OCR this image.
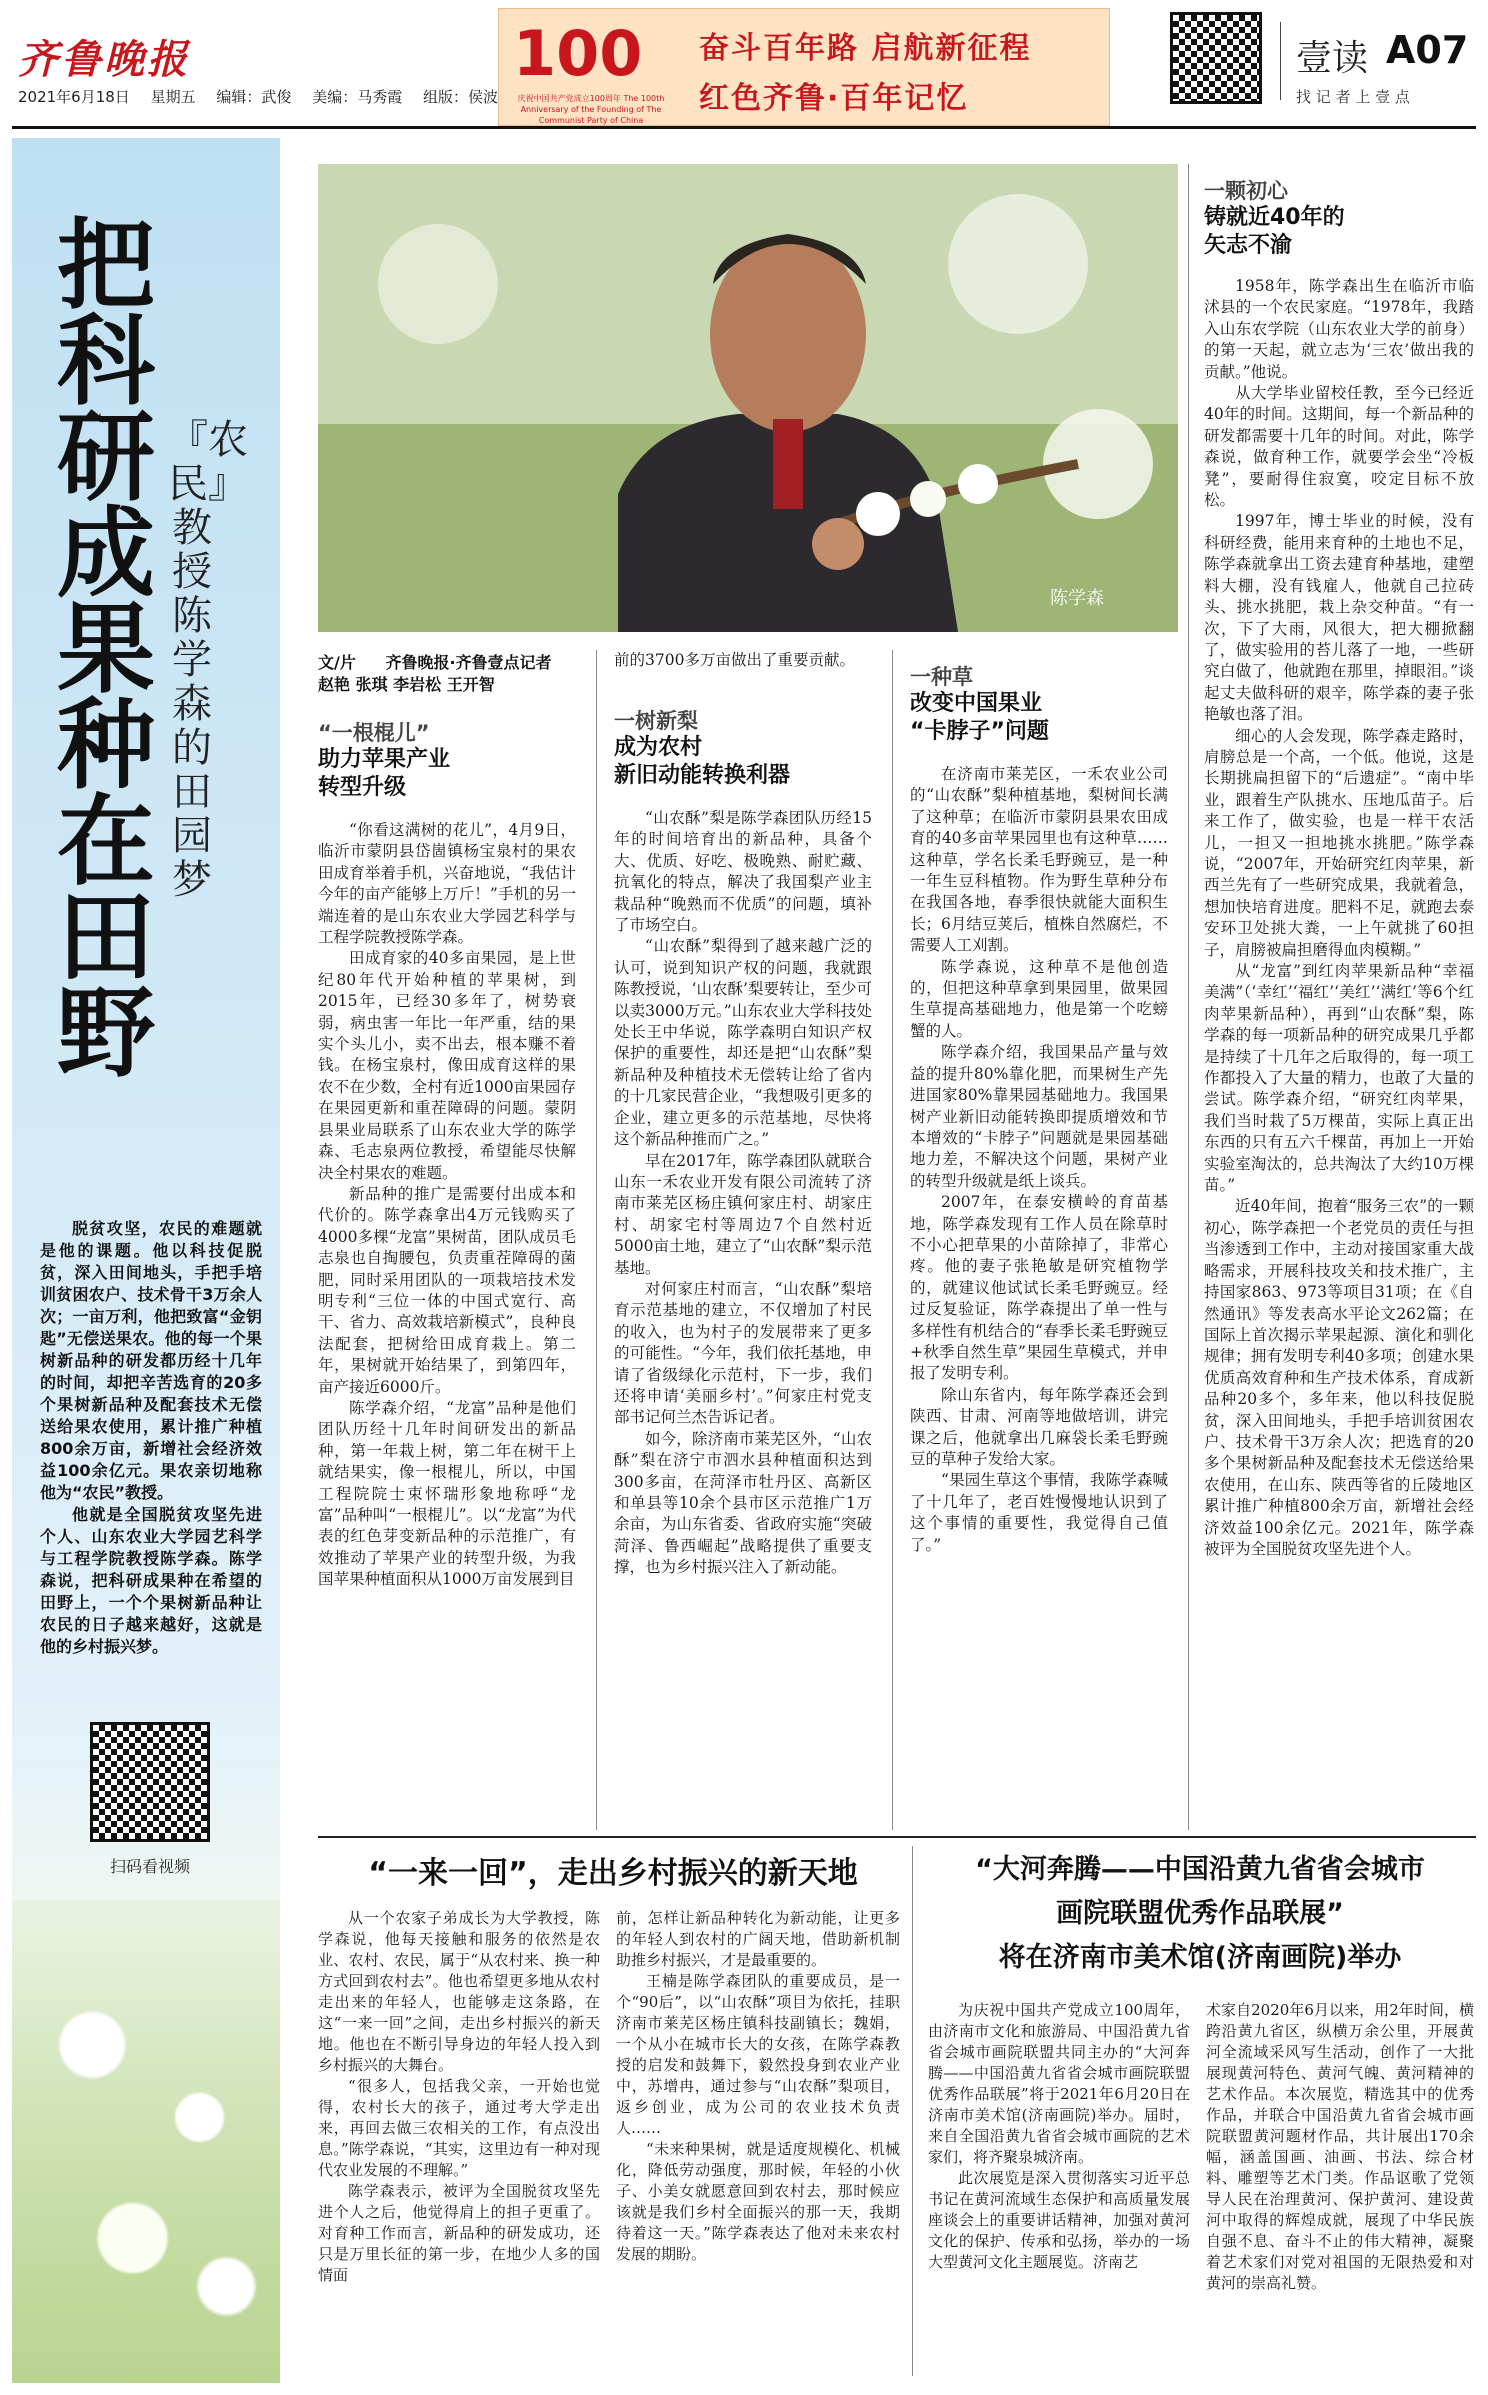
齐鲁晚报
2021年6月18日 星期五 编辑：武俊 美编：马秀霞 组版：侯波
100
庆祝中国共产党成立100周年 The 100th Anniversary of the Founding of The Communist Party of China
奋斗百年路 启航新征程
红色齐鲁·百年记忆
壹读 A07
找 记 者 上 壹 点
把科研成果种在田野
『农民』教授陈学森的田园梦

脱贫攻坚，农民的难题就是他的课题。他以科技促脱贫，深入田间地头，手把手培训贫困农户、技术骨干3万余人次；一亩万利，他把致富“金钥匙”无偿送果农。他的每一个果树新品种的研发都历经十几年的时间，却把辛苦选育的20多个果树新品种及配套技术无偿送给果农使用，累计推广种植800余万亩，新增社会经济效益100余亿元。果农亲切地称他为“农民”教授。

他就是全国脱贫攻坚先进个人、山东农业大学园艺科学与工程学院教授陈学森。陈学森说，把科研成果种在希望的田野上，一个个果树新品种让农民的日子越来越好，这就是他的乡村振兴梦。

扫码看视频
陈学森
文/片 齐鲁晚报·齐鲁壹点记者
赵艳 张琪 李岩松 王开智
“一根棍儿”
助力苹果产业
转型升级

“你看这满树的花儿”，4月9日，临沂市蒙阴县岱崮镇杨宝泉村的果农田成育举着手机，兴奋地说，“我估计今年的亩产能够上万斤！”手机的另一端连着的是山东农业大学园艺科学与工程学院教授陈学森。

田成育家的40多亩果园，是上世纪80年代开始种植的苹果树，到2015年，已经30多年了，树势衰弱，病虫害一年比一年严重，结的果实个头儿小，卖不出去，根本赚不着钱。在杨宝泉村，像田成育这样的果农不在少数，全村有近1000亩果园存在果园更新和重茬障碍的问题。蒙阴县果业局联系了山东农业大学的陈学森、毛志泉两位教授，希望能尽快解决全村果农的难题。

新品种的推广是需要付出成本和代价的。陈学森拿出4万元钱购买了4000多棵“龙富”果树苗，团队成员毛志泉也自掏腰包，负责重茬障碍的菌肥，同时采用团队的一项栽培技术发明专利“三位一体的中国式宽行、高干、省力、高效栽培新模式”，良种良法配套，把树给田成育栽上。第二年，果树就开始结果了，到第四年，亩产接近6000斤。

陈学森介绍，“龙富”品种是他们团队历经十几年时间研发出的新品种，第一年栽上树，第二年在树干上就结果实，像一根棍儿，所以，中国工程院院士束怀瑞形象地称呼“龙富”品种叫“一根棍儿”。以“龙富”为代表的红色芽变新品种的示范推广，有效推动了苹果产业的转型升级，为我国苹果种植面积从1000万亩发展到目

前的3700多万亩做出了重要贡献。
一树新梨
成为农村
新旧动能转换利器

“山农酥”梨是陈学森团队历经15年的时间培育出的新品种，具备个大、优质、好吃、极晚熟、耐贮藏、抗氧化的特点，解决了我国梨产业主栽品种“晚熟而不优质”的问题，填补了市场空白。

“山农酥”梨得到了越来越广泛的认可，说到知识产权的问题，我就跟陈教授说，‘山农酥’梨要转让，至少可以卖3000万元。”山东农业大学科技处处长王中华说，陈学森明白知识产权保护的重要性，却还是把“山农酥”梨新品种及种植技术无偿转让给了省内的十几家民营企业，“我想吸引更多的企业，建立更多的示范基地，尽快将这个新品种推而广之。”

早在2017年，陈学森团队就联合山东一禾农业开发有限公司流转了济南市莱芜区杨庄镇何家庄村、胡家庄村、胡家宅村等周边7个自然村近5000亩土地，建立了“山农酥”梨示范基地。

对何家庄村而言，“山农酥”梨培育示范基地的建立，不仅增加了村民的收入，也为村子的发展带来了更多的可能性。“今年，我们依托基地，申请了省级绿化示范村，下一步，我们还将申请‘美丽乡村’。”何家庄村党支部书记何兰杰告诉记者。

如今，除济南市莱芜区外，“山农酥”梨在济宁市泗水县种植面积达到300多亩，在菏泽市牡丹区、高新区和单县等10余个县市区示范推广1万余亩，为山东省委、省政府实施“突破菏泽、鲁西崛起”战略提供了重要支撑，也为乡村振兴注入了新动能。

一种草
改变中国果业
“卡脖子”问题

在济南市莱芜区，一禾农业公司的“山农酥”梨种植基地，梨树间长满了这种草；在临沂市蒙阴县果农田成育的40多亩苹果园里也有这种草……这种草，学名长柔毛野豌豆，是一种一年生豆科植物。作为野生草种分布在我国各地，春季很快就能大面积生长；6月结豆荚后，植株自然腐烂，不需要人工刈割。

陈学森说，这种草不是他创造的，但把这种草拿到果园里，做果园生草提高基础地力，他是第一个吃螃蟹的人。

陈学森介绍，我国果品产量与效益的提升80%靠化肥，而果树生产先进国家80%靠果园基础地力。我国果树产业新旧动能转换即提质增效和节本增效的“卡脖子”问题就是果园基础地力差，不解决这个问题，果树产业的转型升级就是纸上谈兵。

2007年，在泰安横岭的育苗基地，陈学森发现有工作人员在除草时不小心把草果的小苗除掉了，非常心疼。他的妻子张艳敏是研究植物学的，就建议他试试长柔毛野豌豆。经过反复验证，陈学森提出了单一性与多样性有机结合的“春季长柔毛野豌豆+秋季自然生草”果园生草模式，并申报了发明专利。

除山东省内，每年陈学森还会到陕西、甘肃、河南等地做培训，讲完课之后，他就拿出几麻袋长柔毛野豌豆的草种子发给大家。

“果园生草这个事情，我陈学森喊了十几年了，老百姓慢慢地认识到了这个事情的重要性，我觉得自己值了。”

一颗初心
铸就近40年的
矢志不渝

1958年，陈学森出生在临沂市临沭县的一个农民家庭。“1978年，我踏入山东农学院（山东农业大学的前身）的第一天起，就立志为‘三农’做出我的贡献。”他说。

从大学毕业留校任教，至今已经近40年的时间。这期间，每一个新品种的研发都需要十几年的时间。对此，陈学森说，做育种工作，就要学会坐“冷板凳”，要耐得住寂寞，咬定目标不放松。

1997年，博士毕业的时候，没有科研经费，能用来育种的土地也不足，陈学森就拿出工资去建育种基地，建塑料大棚，没有钱雇人，他就自己拉砖头、挑水挑肥，栽上杂交种苗。“有一次，下了大雨，风很大，把大棚掀翻了，做实验用的苔儿落了一地，一些研究白做了，他就跑在那里，掉眼泪。”谈起丈夫做科研的艰辛，陈学森的妻子张艳敏也落了泪。

细心的人会发现，陈学森走路时，肩膀总是一个高，一个低。他说，这是长期挑扁担留下的“后遗症”。“南中毕业，跟着生产队挑水、压地瓜苗子。后来工作了，做实验，也是一样干农活儿，一担又一担地挑水挑肥。”陈学森说，“2007年，开始研究红肉苹果，新西兰先有了一些研究成果，我就着急，想加快培育进度。肥料不足，就跑去泰安环卫处挑大粪，一上午就挑了60担子，肩膀被扁担磨得血肉模糊。”

从“龙富”到红肉苹果新品种“幸福美满”（‘幸红’‘福红’‘美红’‘满红’等6个红肉苹果新品种），再到“山农酥”梨，陈学森的每一项新品种的研究成果几乎都是持续了十几年之后取得的，每一项工作都投入了大量的精力，也敢了大量的尝试。陈学森介绍，“研究红肉苹果，我们当时栽了5万棵苗，实际上真正出东西的只有五六千棵苗，再加上一开始实验室淘汰的，总共淘汰了大约10万棵苗。”

近40年间，抱着“服务三农”的一颗初心，陈学森把一个老党员的责任与担当渗透到工作中，主动对接国家重大战略需求，开展科技攻关和技术推广，主持国家863、973等项目31项；在《自然通讯》等发表高水平论文262篇；在国际上首次揭示苹果起源、演化和驯化规律；拥有发明专利40多项；创建水果优质高效育种和生产技术体系，育成新品种20多个，多年来，他以科技促脱贫，深入田间地头，手把手培训贫困农户、技术骨干3万余人次；把选育的20多个果树新品种及配套技术无偿送给果农使用，在山东、陕西等省的丘陵地区累计推广种植800余万亩，新增社会经济效益100余亿元。2021年，陈学森被评为全国脱贫攻坚先进个人。

“一来一回”，走出乡村振兴的新天地

从一个农家子弟成长为大学教授，陈学森说，他每天接触和服务的依然是农业、农村、农民，属于“从农村来、换一种方式回到农村去”。他也希望更多地从农村走出来的年轻人，也能够走这条路，在这“一来一回”之间，走出乡村振兴的新天地。他也在不断引导身边的年轻人投入到乡村振兴的大舞台。

“很多人，包括我父亲，一开始也觉得，农村长大的孩子，通过考大学走出来，再回去做三农相关的工作，有点没出息。”陈学森说，“其实，这里边有一种对现代农业发展的不理解。”

陈学森表示，被评为全国脱贫攻坚先进个人之后，他觉得肩上的担子更重了。对育种工作而言，新品种的研发成功，还只是万里长征的第一步，在地少人多的国情面

前，怎样让新品种转化为新动能，让更多的年轻人到农村的广阔天地，借助新机制助推乡村振兴，才是最重要的。

王楠是陈学森团队的重要成员，是一个“90后”，以“山农酥”项目为依托，挂职济南市莱芜区杨庄镇科技副镇长；魏娟，一个从小在城市长大的女孩，在陈学森教授的启发和鼓舞下，毅然投身到农业产业中，苏增冉，通过参与“山农酥”梨项目，返乡创业，成为公司的农业技术负责人……

“未来种果树，就是适度规模化、机械化，降低劳动强度，那时候，年轻的小伙子、小美女就愿意回到农村去，那时候应该就是我们乡村全面振兴的那一天，我期待着这一天。”陈学森表达了他对未来农村发展的期盼。

“大河奔腾——中国沿黄九省省会城市
画院联盟优秀作品联展”
将在济南市美术馆(济南画院)举办

为庆祝中国共产党成立100周年，由济南市文化和旅游局、中国沿黄九省省会城市画院联盟共同主办的“大河奔腾——中国沿黄九省省会城市画院联盟优秀作品联展”将于2021年6月20日在济南市美术馆(济南画院)举办。届时，来自全国沿黄九省省会城市画院的艺术家们，将齐聚泉城济南。

此次展览是深入贯彻落实习近平总书记在黄河流域生态保护和高质量发展座谈会上的重要讲话精神，加强对黄河文化的保护、传承和弘扬，举办的一场大型黄河文化主题展览。济南艺

术家自2020年6月以来，用2年时间，横跨沿黄九省区，纵横万余公里，开展黄河全流域采风写生活动，创作了一大批展现黄河特色、黄河气魄、黄河精神的艺术作品。本次展览，精选其中的优秀作品，并联合中国沿黄九省省会城市画院联盟黄河题材作品，共计展出170余幅，涵盖国画、油画、书法、综合材料、雕塑等艺术门类。作品讴歌了党领导人民在治理黄河、保护黄河、建设黄河中取得的辉煌成就，展现了中华民族自强不息、奋斗不止的伟大精神，凝聚着艺术家们对党对祖国的无限热爱和对黄河的崇高礼赞。
